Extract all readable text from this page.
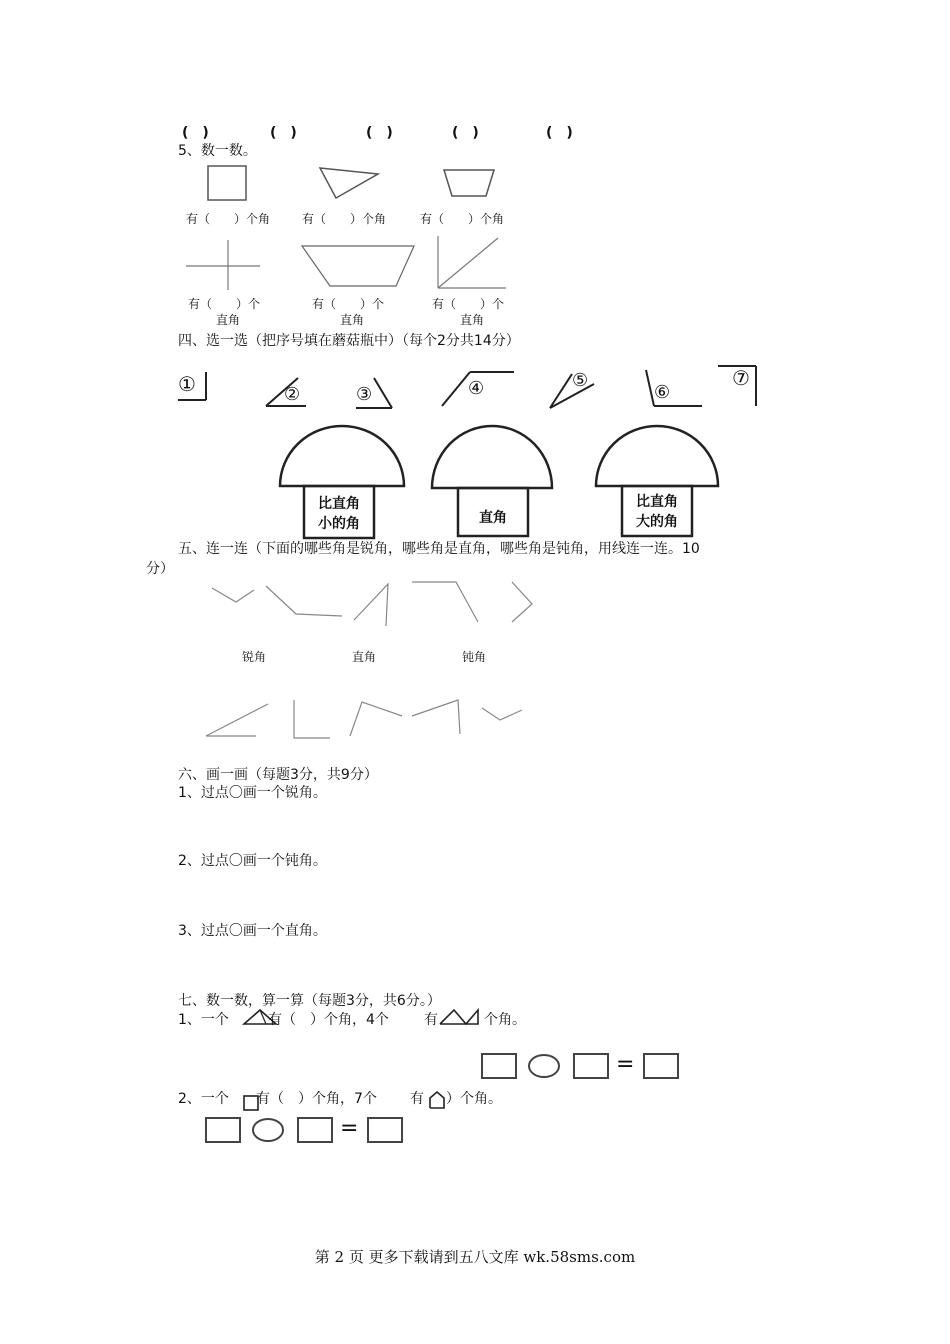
(　)	(　)	(　)	(　)	(　)
5、数一数。
有（　　）个角	有（　　）个角	有（　　）个角
有（　　）个	有（　　）个	有（　　）个
直角	直角	直角
四、选一选（把序号填在蘑菇瓶中）（每个2分共14分）
①	②	③	④	⑤
⑥
⑦
比直角
小的角	直角
比直角
大的角
五、连一连（下面的哪些角是锐角，哪些角是直角，哪些角是钝角，用线连一连。10
分）
锐角	直角	钝角
六、画一画（每题3分，共9分）
1、过点〇画一个锐角。
2、过点〇画一个钝角。
3、过点〇画一个直角。
七、数一数，算一算（每题3分，共6分。）
1、一个	有（　）个角，4个	有	个角。
=
2、一个 有（　）个角，7个 有 ）个角。
=
第 2 页 更多下载请到五八文库 wk.58sms.com
